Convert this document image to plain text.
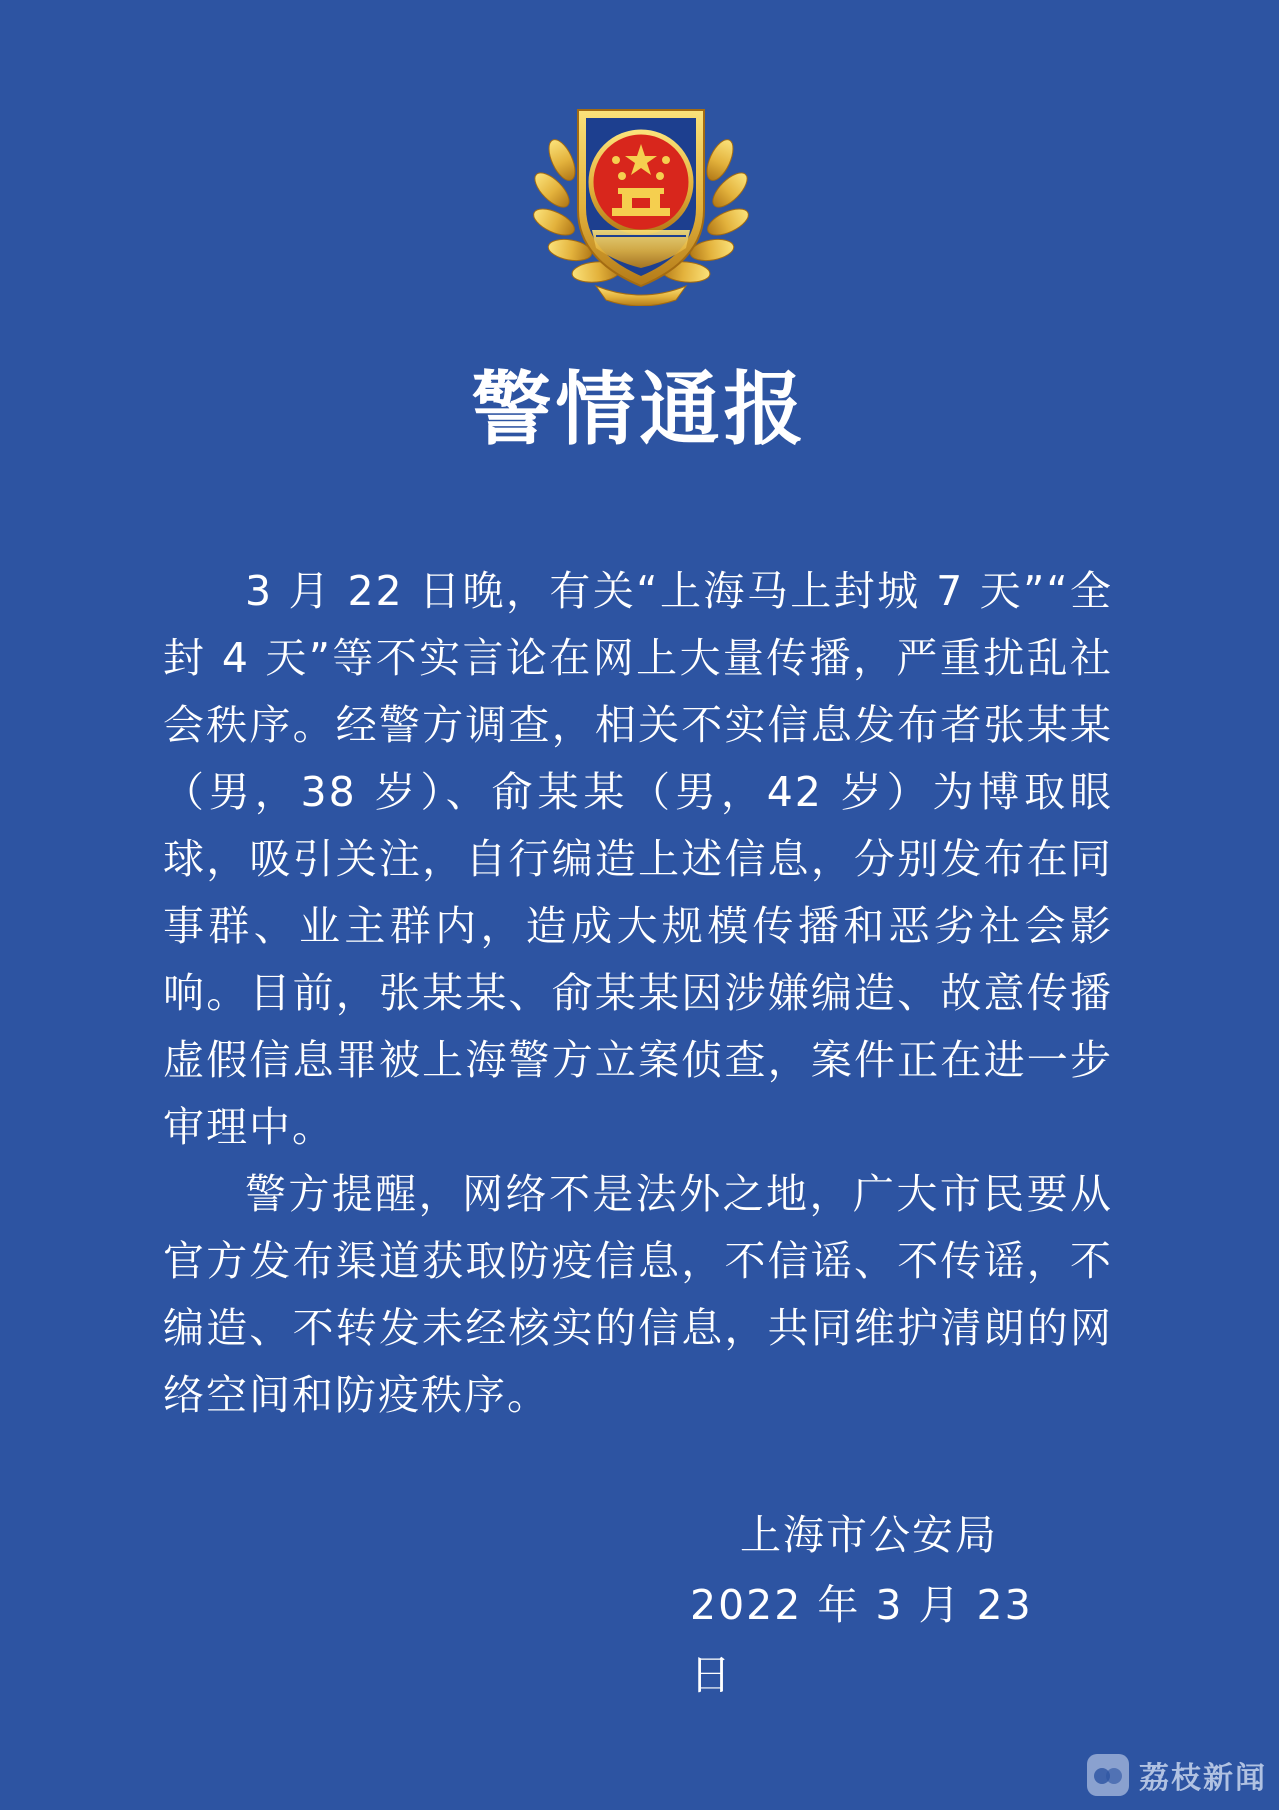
警情通报

3 月 22 日晚，有关“上海马上封城 7 天”“全封 4 天”等不实言论在网上大量传播，严重扰乱社会秩序。经警方调查，相关不实信息发布者张某某（男，38 岁）、俞某某（男，42 岁）为博取眼球，吸引关注，自行编造上述信息，分别发布在同事群、业主群内，造成大规模传播和恶劣社会影响。目前，张某某、俞某某因涉嫌编造、故意传播虚假信息罪被上海警方立案侦查，案件正在进一步审理中。

警方提醒，网络不是法外之地，广大市民要从官方发布渠道获取防疫信息，不信谣、不传谣，不编造、不转发未经核实的信息，共同维护清朗的网络空间和防疫秩序。

上海市公安局
2022 年 3 月 23 日
荔枝新闻
